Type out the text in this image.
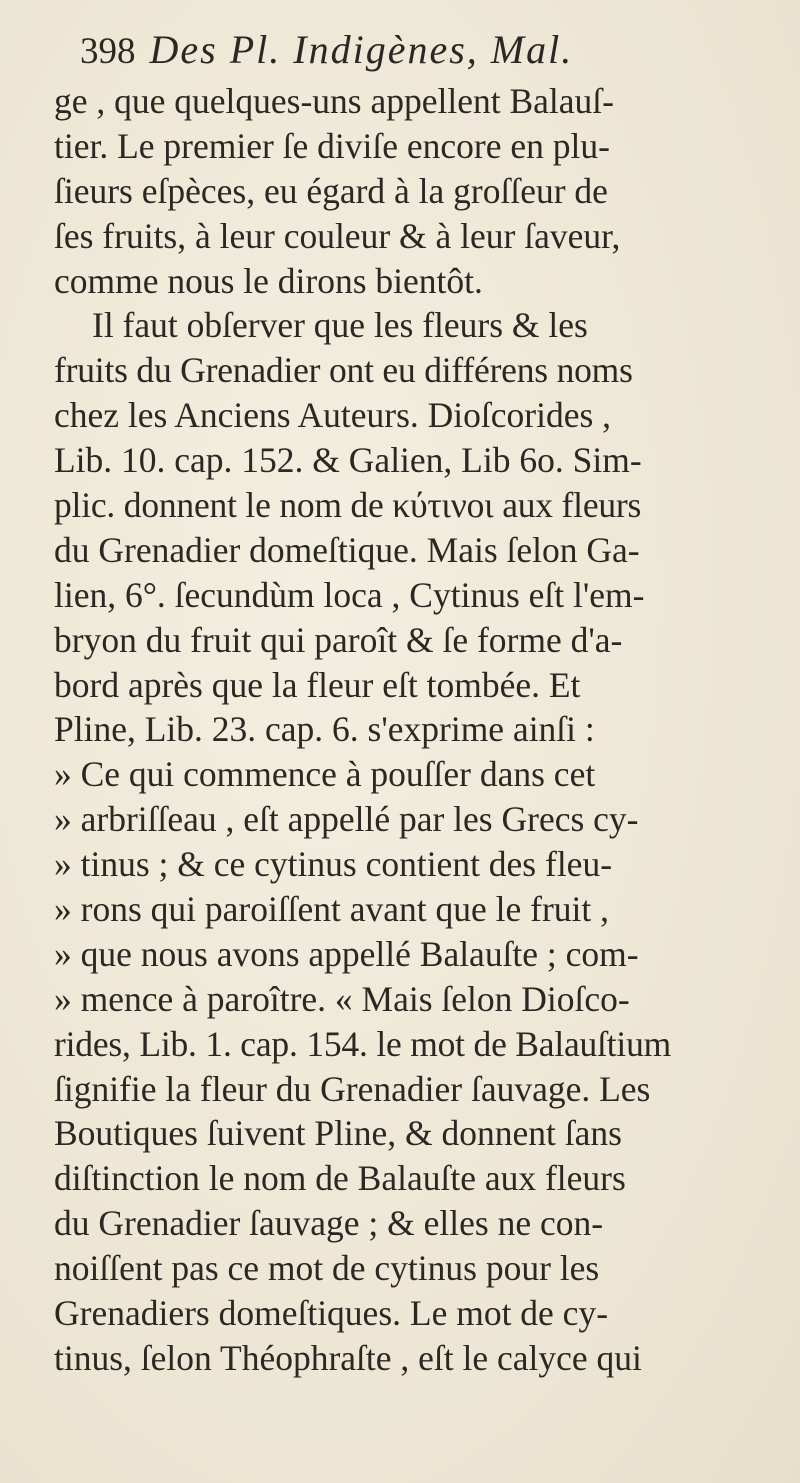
398 Des Pl. Indigènes, Mal.
ge , que quelques-uns appellent Balauſ-
tier. Le premier ſe diviſe encore en plu-
ſieurs eſpèces, eu égard à la groſſeur de
ſes fruits, à leur couleur & à leur ſaveur,
comme nous le dirons bientôt.
Il faut obſerver que les fleurs & les
fruits du Grenadier ont eu différens noms
chez les Anciens Auteurs. Dioſcorides ,
Lib. 10. cap. 152. & Galien, Lib 6o. Sim-
plic. donnent le nom de κύτινοι aux fleurs
du Grenadier domeſtique. Mais ſelon Ga-
lien, 6°. ſecundùm loca , Cytinus eſt l'em-
bryon du fruit qui paroît & ſe forme d'a-
bord après que la fleur eſt tombée. Et
Pline, Lib. 23. cap. 6. s'exprime ainſi :
» Ce qui commence à pouſſer dans cet
» arbriſſeau , eſt appellé par les Grecs cy-
» tinus ; & ce cytinus contient des fleu-
» rons qui paroiſſent avant que le fruit ,
» que nous avons appellé Balauſte ; com-
» mence à paroître. « Mais ſelon Dioſco-
rides, Lib. 1. cap. 154. le mot de Balauſtium
ſignifie la fleur du Grenadier ſauvage. Les
Boutiques ſuivent Pline, & donnent ſans
diſtinction le nom de Balauſte aux fleurs
du Grenadier ſauvage ; & elles ne con-
noiſſent pas ce mot de cytinus pour les
Grenadiers domeſtiques. Le mot de cy-
tinus, ſelon Théophraſte , eſt le calyce qui
